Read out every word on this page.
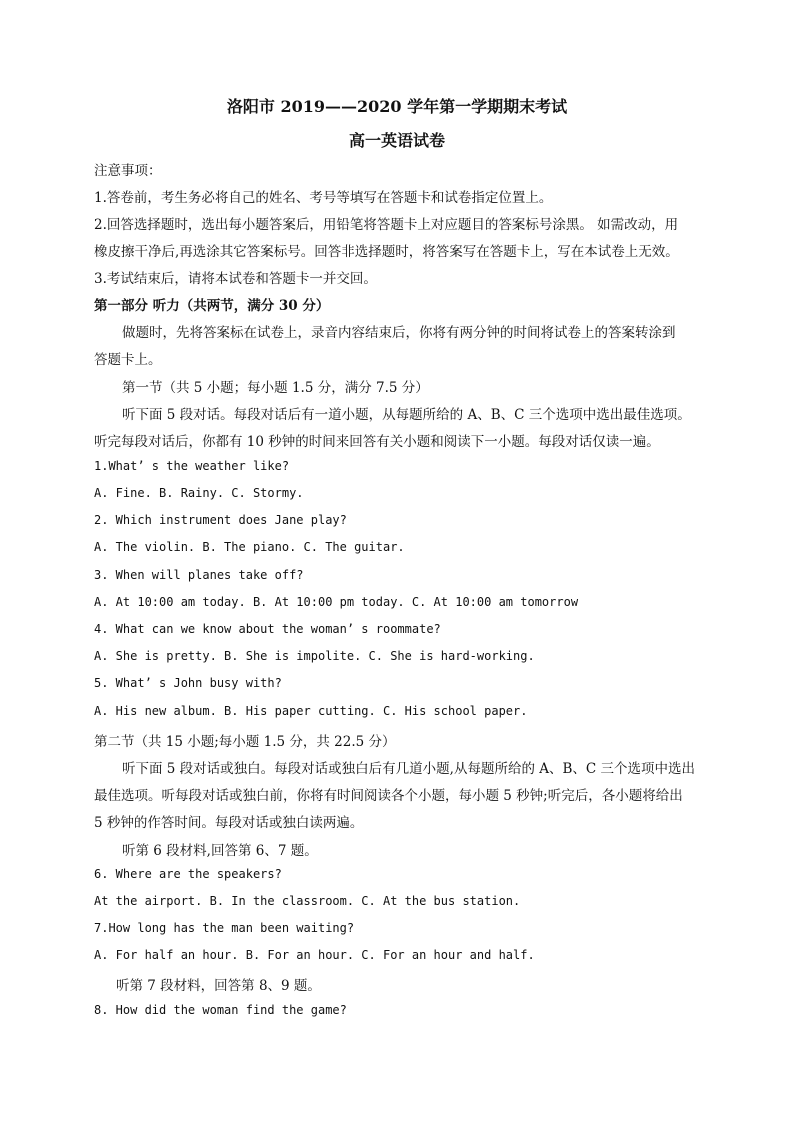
洛阳市 2019——2020 学年第一学期期末考试
高一英语试卷
注意事项：
1.答卷前，考生务必将自己的姓名、考号等填写在答题卡和试卷指定位置上。
2.回答选择题时，选出每小题答案后，用铅笔将答题卡上对应题目的答案标号涂黑。 如需改动，用
橡皮擦干净后,再选涂其它答案标号。回答非选择题时，将答案写在答题卡上，写在本试卷上无效。
3.考试结束后，请将本试卷和答题卡一并交回。
第一部分 听力（共两节，满分 30 分）
做题时，先将答案标在试卷上，录音内容结束后，你将有两分钟的时间将试卷上的答案转涂到
答题卡上。
第一节（共 5 小题；每小题 1.5 分，满分 7.5 分）
听下面 5 段对话。每段对话后有一道小题，从每题所给的 A、B、C 三个选项中选出最佳选项。
听完每段对话后，你都有 10 秒钟的时间来回答有关小题和阅读下一小题。每段对话仅读一遍。
1.What’ s the weather like?
A. Fine. B. Rainy. C. Stormy.
2. Which instrument does Jane play?
A. The violin. B. The piano. C. The guitar.
3. When will planes take off?
A. At 10:00 am today. B. At 10:00 pm today. C. At 10:00 am tomorrow
4. What can we know about the woman’ s roommate?
A. She is pretty. B. She is impolite. C. She is hard-working.
5. What’ s John busy with?
A. His new album. B. His paper cutting. C. His school paper.
第二节（共 15 小题;每小题 1.5 分，共 22.5 分）
听下面 5 段对话或独白。每段对话或独白后有几道小题,从每题所给的 A、B、C 三个选项中选出
最佳选项。听每段对话或独白前，你将有时间阅读各个小题，每小题 5 秒钟;听完后，各小题将给出
5 秒钟的作答时间。每段对话或独白读两遍。
听第 6 段材料,回答第 6、7 题。
6. Where are the speakers?
At the airport. B. In the classroom. C. At the bus station.
7.How long has the man been waiting?
A. For half an hour. B. For an hour. C. For an hour and half.
听第 7 段材料，回答第 8、9 题。
8. How did the woman find the game?
